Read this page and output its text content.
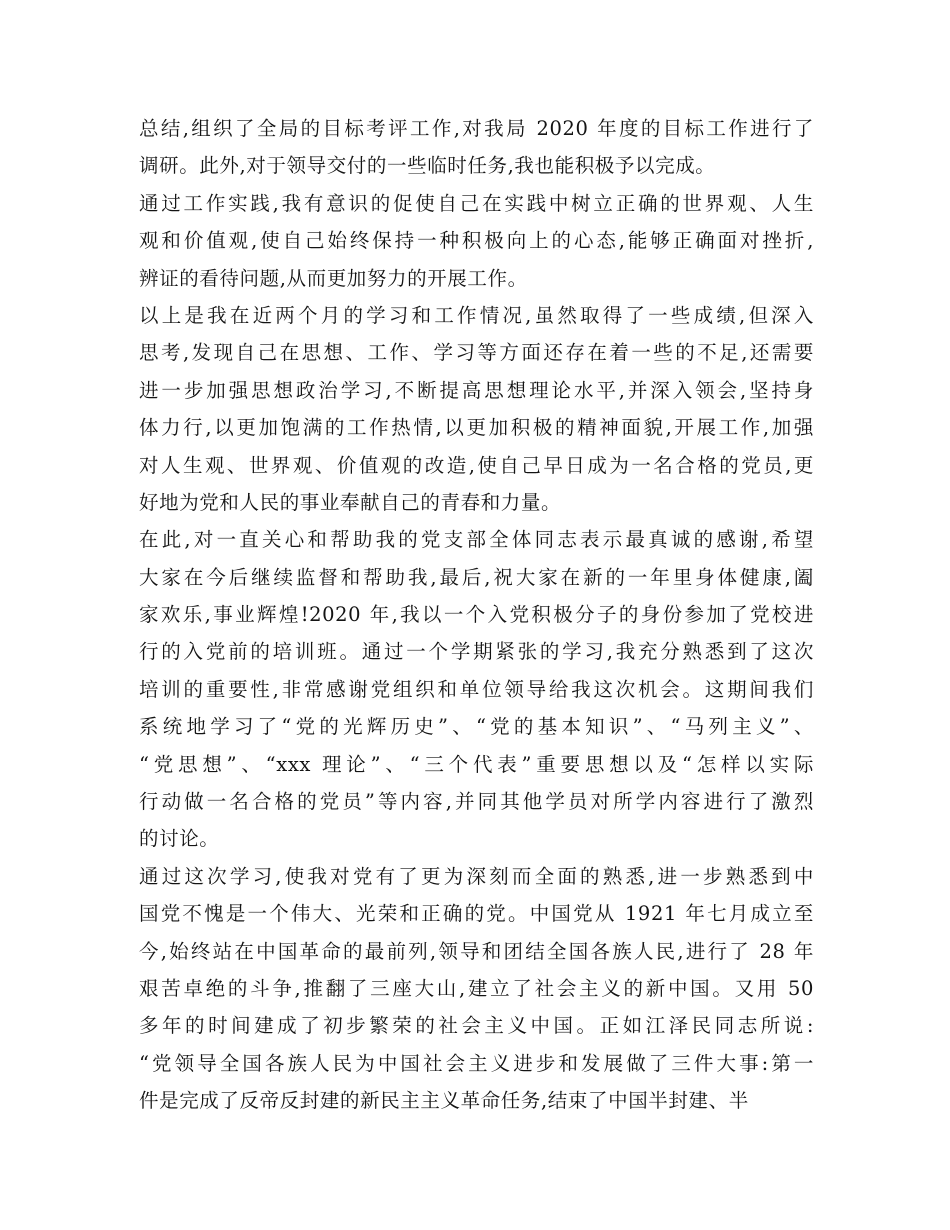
总结,组织了全局的目标考评工作,对我局 2020 年度的目标工作进行了
调研。此外,对于领导交付的一些临时任务,我也能积极予以完成。

通过工作实践,我有意识的促使自己在实践中树立正确的世界观、人生
观和价值观,使自己始终保持一种积极向上的心态,能够正确面对挫折,
辨证的看待问题,从而更加努力的开展工作。

以上是我在近两个月的学习和工作情况,虽然取得了一些成绩,但深入
思考,发现自己在思想、工作、学习等方面还存在着一些的不足,还需要
进一步加强思想政治学习,不断提高思想理论水平,并深入领会,坚持身
体力行,以更加饱满的工作热情,以更加积极的精神面貌,开展工作,加强
对人生观、世界观、价值观的改造,使自己早日成为一名合格的党员,更
好地为党和人民的事业奉献自己的青春和力量。

在此,对一直关心和帮助我的党支部全体同志表示最真诚的感谢,希望
大家在今后继续监督和帮助我,最后,祝大家在新的一年里身体健康,阖
家欢乐,事业辉煌!2020 年,我以一个入党积极分子的身份参加了党校进
行的入党前的培训班。通过一个学期紧张的学习,我充分熟悉到了这次
培训的重要性,非常感谢党组织和单位领导给我这次机会。这期间我们
系统地学习了“党的光辉历史”、“党的基本知识”、“马列主义”、
“党思想”、“xxx 理论”、“三个代表”重要思想以及“怎样以实际
行动做一名合格的党员”等内容,并同其他学员对所学内容进行了激烈
的讨论。

通过这次学习,使我对党有了更为深刻而全面的熟悉,进一步熟悉到中
国党不愧是一个伟大、光荣和正确的党。中国党从 1921 年七月成立至
今,始终站在中国革命的最前列,领导和团结全国各族人民,进行了 28 年
艰苦卓绝的斗争,推翻了三座大山,建立了社会主义的新中国。又用 50
多年的时间建成了初步繁荣的社会主义中国。正如江泽民同志所说:
“党领导全国各族人民为中国社会主义进步和发展做了三件大事:第一
件是完成了反帝反封建的新民主主义革命任务,结束了中国半封建、半
